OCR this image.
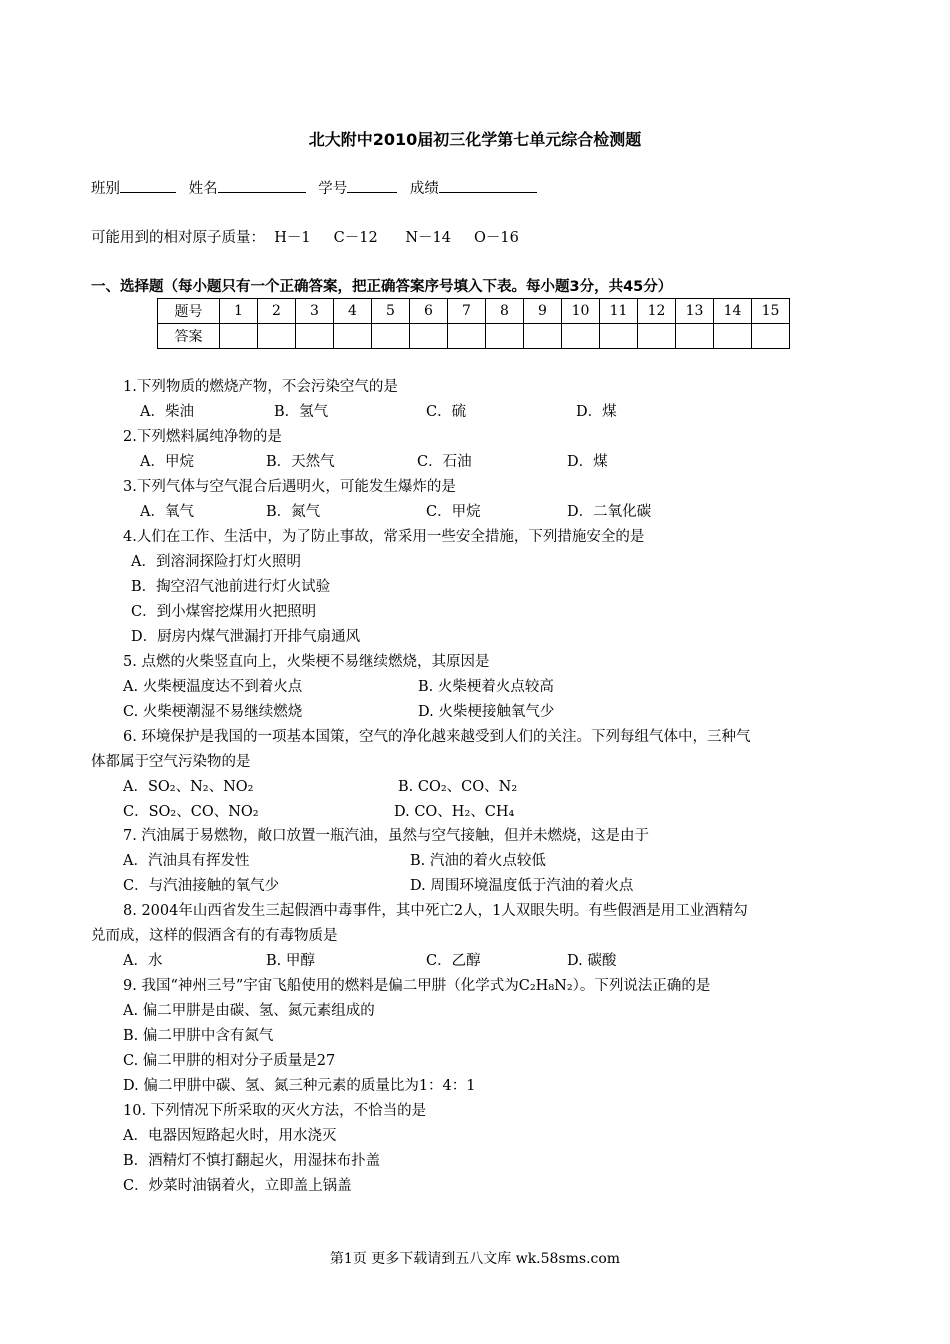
北大附中2010届初三化学第七单元综合检测题
班别	姓名	学号	成绩
可能用到的相对原子质量：  H－1     C－12      N－14     O－16
一、选择题（每小题只有一个正确答案，把正确答案序号填入下表。每小题3分，共45分）
题号	1	2	3	4	5	6	7	8	9	10	11	12	13	14	15
答案															
1.下列物质的燃烧产物，不会污染空气的是
A．柴油	B．氢气	C．硫	D．煤
2.下列燃料属纯净物的是
A．甲烷	B．天然气	C．石油	D．煤
3.下列气体与空气混合后遇明火，可能发生爆炸的是
A．氧气	B．氮气	C．甲烷	D．二氧化碳
4.人们在工作、生活中，为了防止事故，常采用一些安全措施，下列措施安全的是
A．到溶洞探险打灯火照明
B．掏空沼气池前进行灯火试验
C．到小煤窖挖煤用火把照明
D．厨房内煤气泄漏打开排气扇通风
5. 点燃的火柴竖直向上，火柴梗不易继续燃烧，其原因是
A. 火柴梗温度达不到着火点	B. 火柴梗着火点较高
C. 火柴梗潮湿不易继续燃烧	D. 火柴梗接触氧气少
6. 环境保护是我国的一项基本国策，空气的净化越来越受到人们的关注。下列每组气体中，三种气
体都属于空气污染物的是
A．SO₂、N₂、NO₂	B. CO₂、CO、N₂
C．SO₂、CO、NO₂	D. CO、H₂、CH₄
7. 汽油属于易燃物，敞口放置一瓶汽油，虽然与空气接触，但并未燃烧，这是由于
A．汽油具有挥发性	B. 汽油的着火点较低
C．与汽油接触的氧气少	D. 周围环境温度低于汽油的着火点
8. 2004年山西省发生三起假酒中毒事件，其中死亡2人，1人双眼失明。有些假酒是用工业酒精勾
兑而成，这样的假酒含有的有毒物质是
A．水	B. 甲醇	C．乙醇	D. 碳酸
9. 我国“神州三号”宇宙飞船使用的燃料是偏二甲肼（化学式为C₂H₈N₂）。下列说法正确的是
A. 偏二甲肼是由碳、氢、氮元素组成的
B. 偏二甲肼中含有氮气
C. 偏二甲肼的相对分子质量是27
D. 偏二甲肼中碳、氢、氮三种元素的质量比为1：4：1
10. 下列情况下所采取的灭火方法，不恰当的是
A．电器因短路起火时，用水浇灭
B．酒精灯不慎打翻起火，用湿抹布扑盖
C．炒菜时油锅着火，立即盖上锅盖
第1页 更多下载请到五八文库 wk.58sms.com
